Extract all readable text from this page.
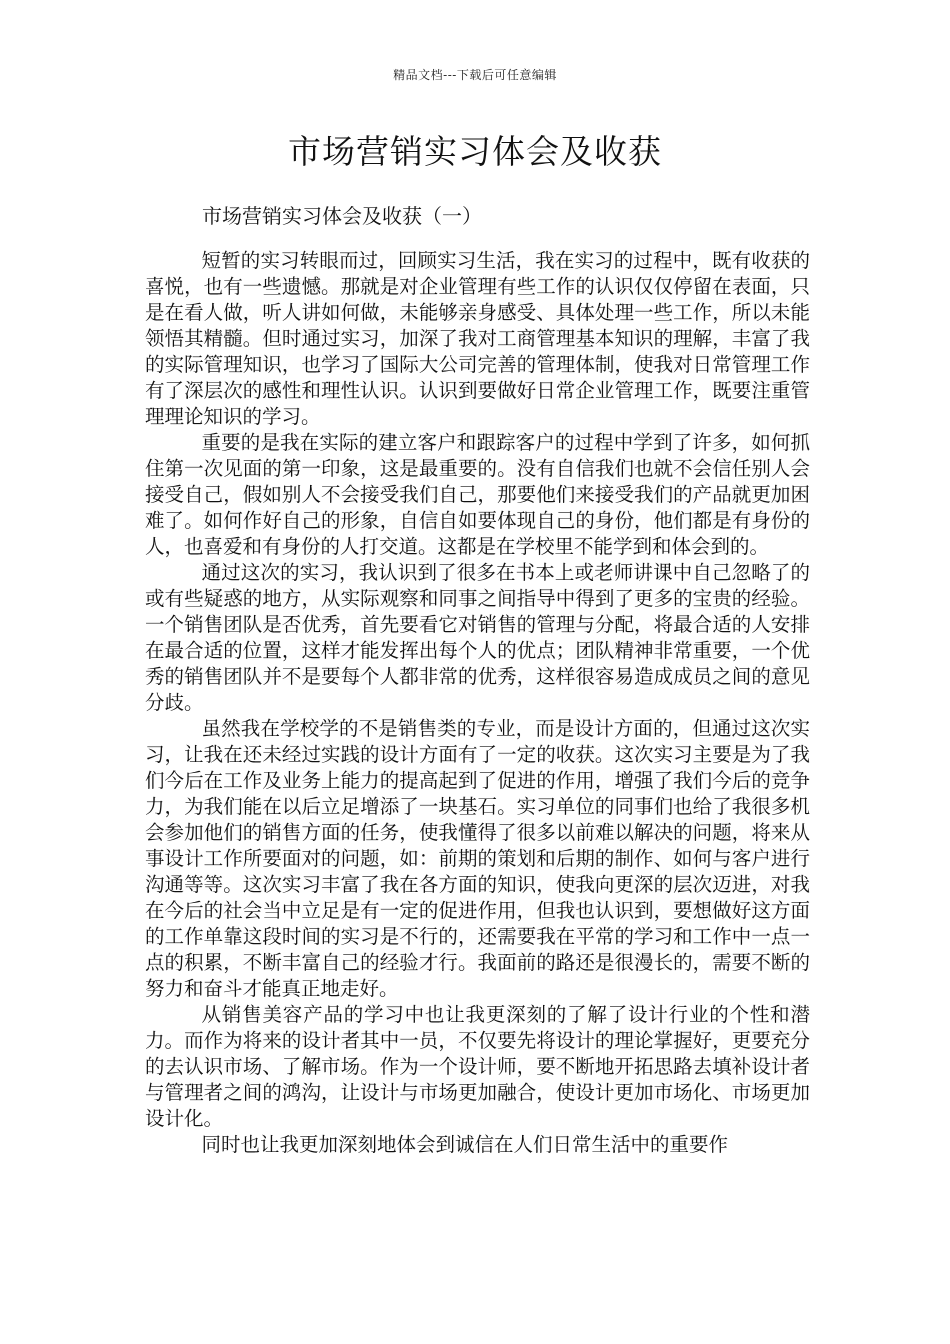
精品文档---下载后可任意编辑
市场营销实习体会及收获
市场营销实习体会及收获（一）

短暂的实习转眼而过，回顾实习生活，我在实习的过程中，既有收获的喜悦，也有一些遗憾。那就是对企业管理有些工作的认识仅仅停留在表面，只是在看人做，听人讲如何做，未能够亲身感受、具体处理一些工作，所以未能领悟其精髓。但时通过实习，加深了我对工商管理基本知识的理解，丰富了我的实际管理知识，也学习了国际大公司完善的管理体制，使我对日常管理工作有了深层次的感性和理性认识。认识到要做好日常企业管理工作，既要注重管理理论知识的学习。

重要的是我在实际的建立客户和跟踪客户的过程中学到了许多，如何抓住第一次见面的第一印象，这是最重要的。没有自信我们也就不会信任别人会接受自己，假如别人不会接受我们自己，那要他们来接受我们的产品就更加困难了。如何作好自己的形象，自信自如要体现自己的身份，他们都是有身份的人，也喜爱和有身份的人打交道。这都是在学校里不能学到和体会到的。

通过这次的实习，我认识到了很多在书本上或老师讲课中自己忽略了的或有些疑惑的地方，从实际观察和同事之间指导中得到了更多的宝贵的经验。一个销售团队是否优秀，首先要看它对销售的管理与分配，将最合适的人安排在最合适的位置，这样才能发挥出每个人的优点；团队精神非常重要，一个优秀的销售团队并不是要每个人都非常的优秀，这样很容易造成成员之间的意见分歧。

虽然我在学校学的不是销售类的专业，而是设计方面的，但通过这次实习，让我在还未经过实践的设计方面有了一定的收获。这次实习主要是为了我们今后在工作及业务上能力的提高起到了促进的作用，增强了我们今后的竞争力，为我们能在以后立足增添了一块基石。实习单位的同事们也给了我很多机会参加他们的销售方面的任务，使我懂得了很多以前难以解决的问题，将来从事设计工作所要面对的问题，如：前期的策划和后期的制作、如何与客户进行沟通等等。这次实习丰富了我在各方面的知识，使我向更深的层次迈进，对我在今后的社会当中立足是有一定的促进作用，但我也认识到，要想做好这方面的工作单靠这段时间的实习是不行的，还需要我在平常的学习和工作中一点一点的积累，不断丰富自己的经验才行。我面前的路还是很漫长的，需要不断的努力和奋斗才能真正地走好。

从销售美容产品的学习中也让我更深刻的了解了设计行业的个性和潜力。而作为将来的设计者其中一员，不仅要先将设计的理论掌握好，更要充分的去认识市场、了解市场。作为一个设计师，要不断地开拓思路去填补设计者与管理者之间的鸿沟，让设计与市场更加融合，使设计更加市场化、市场更加设计化。

同时也让我更加深刻地体会到诚信在人们日常生活中的重要作
